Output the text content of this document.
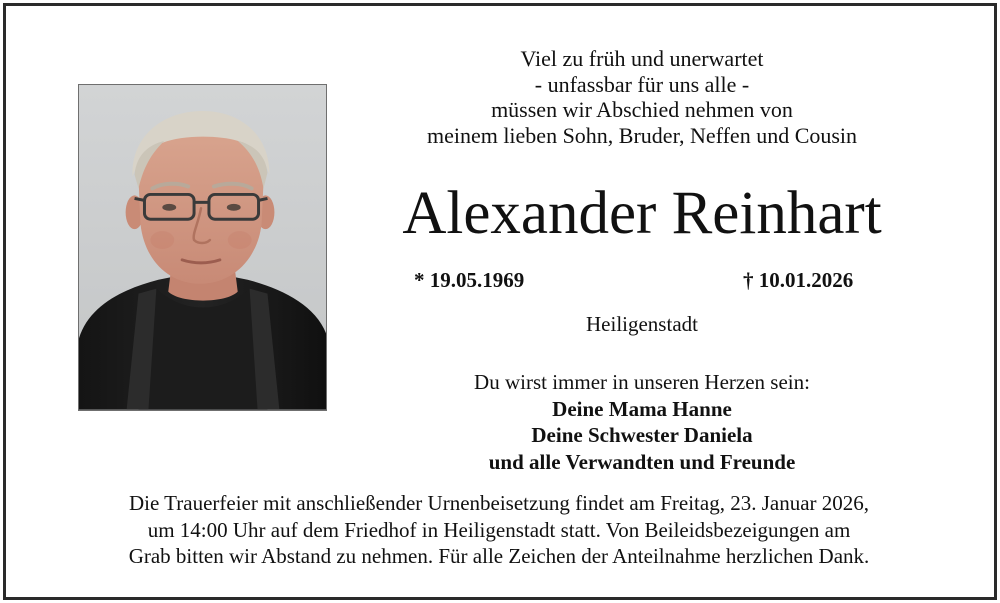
Viel zu früh und unerwartet
- unfassbar für uns alle -
müssen wir Abschied nehmen von
meinem lieben Sohn, Bruder, Neffen und Cousin
Alexander Reinhart
* 19.05.1969	† 10.01.2026
Heiligenstadt
Du wirst immer in unseren Herzen sein:
Deine Mama Hanne
Deine Schwester Daniela
und alle Verwandten und Freunde
Die Trauerfeier mit anschließender Urnenbeisetzung findet am Freitag, 23. Januar 2026,
um 14:00 Uhr auf dem Friedhof in Heiligenstadt statt. Von Beileidsbezeigungen am
Grab bitten wir Abstand zu nehmen. Für alle Zeichen der Anteilnahme herzlichen Dank.
